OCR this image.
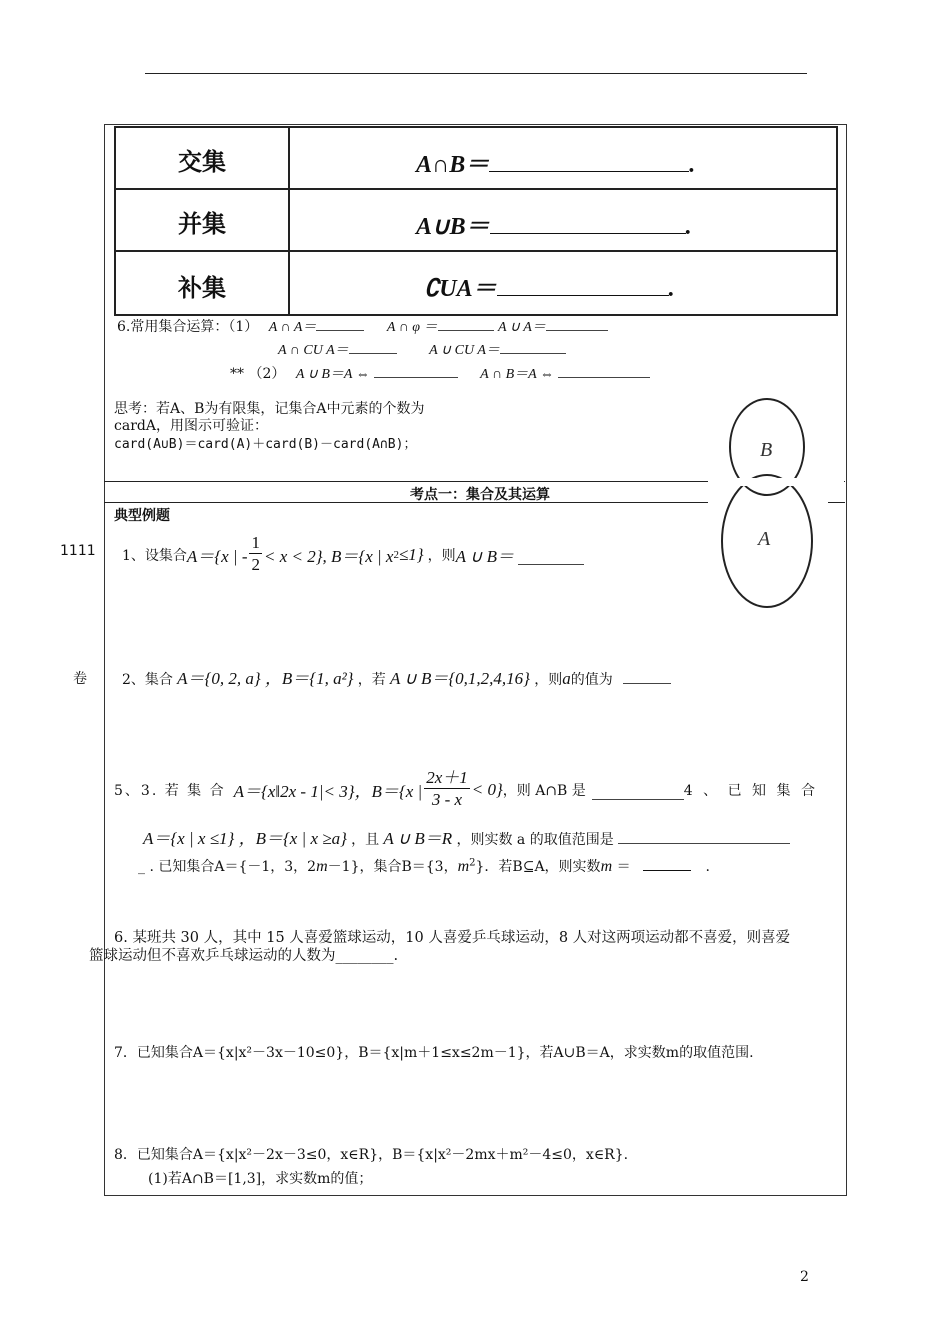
交集	A∩B＝	.
并集	A∪B＝	.
补集	∁UA＝	.
6.常用集合运算：（1） A ∩ A＝	A ∩ φ ＝	A ∪ A＝
A ∩ CU A＝	A ∪ CU A＝
** （2） A ∪ B＝A ⇔	A ∩ B＝A ⇔
思考：若A、B为有限集，记集合A中元素的个数为
cardA，用图示可验证：
card(A∪B)＝card(A)＋card(B)－card(A∩B)；
考点一：集合及其运算
典型例题
B
A
1111
卷
1、设集合 A＝{x | - $\frac{1}{2} < x < 2$}, B＝{x | x 2 ≤1} ，则 A ∪ B＝
2、集合 A＝{0, 2, a} ，B＝{1, a²} ，若 A ∪ B＝{0,1,2,4,16} ，则a的值为
5、3. 若 集 合 A＝{x‖2x - 1|< 3} ，B＝{x | $\frac{2x+1}{3 - x} < 0$} ，则 A∩B 是	4 、 已 知 集 合
A＝{x | x ≤1} ，B＝{x | x ≥a} ，且 A ∪ B＝R ，则实数 a 的取值范围是
_ . 已知集合A＝{－1，3，2m－1}，集合B＝{3，$m^2$}．若B⊆A，则实数m ＝	.
6. 某班共 30 人，其中 15 人喜爱篮球运动，10 人喜爱乒乓球运动，8 人对这两项运动都不喜爱，则喜爱
篮球运动但不喜欢乒乓球运动的人数为________.
7．已知集合A＝{x|x²－3x－10≤0}，B＝{x|m＋1≤x≤2m－1}，若A∪B＝A，求实数m的取值范围.
8．已知集合A＝{x|x²－2x－3≤0，x∈R}，B＝{x|x²－2mx＋m²－4≤0，x∈R}.
(1)若A∩B＝[1,3]，求实数m的值；
2
